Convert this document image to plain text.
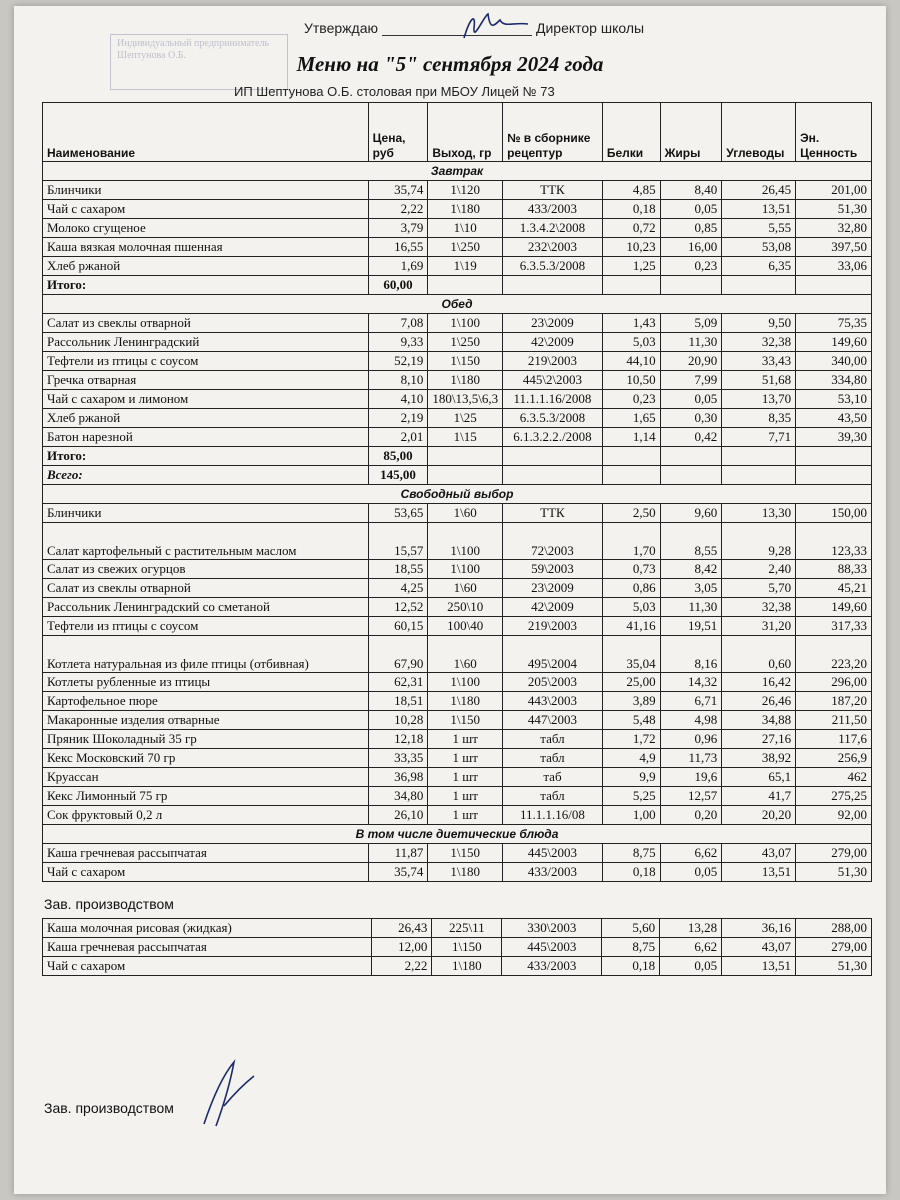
Утверждаю	Директор школы
Индивидуальный предприниматель
Шептунова О.Б.	Меню на "5" сентября 2024 года
ИП Шептунова О.Б. столовая при МБОУ Лицей № 73
Наименование	Цена, руб	Выход, гр	№ в сборнике рецептур	Белки	Жиры	Углеводы	Эн. Ценность
Завтрак							
Блинчики	35,74	1\120	ТТК	4,85	8,40	26,45	201,00
Чай с сахаром	2,22	1\180	433/2003	0,18	0,05	13,51	51,30
Молоко сгущеное	3,79	1\10	1.3.4.2\2008	0,72	0,85	5,55	32,80
Каша вязкая молочная пшенная	16,55	1\250	232\2003	10,23	16,00	53,08	397,50
Хлеб ржаной	1,69	1\19	6.3.5.3/2008	1,25	0,23	6,35	33,06
Итого:	60,00						
Обед							
Салат из свеклы отварной	7,08	1\100	23\2009	1,43	5,09	9,50	75,35
Рассольник Ленинградский	9,33	1\250	42\2009	5,03	11,30	32,38	149,60
Тефтели из птицы с соусом	52,19	1\150	219\2003	44,10	20,90	33,43	340,00
Гречка отварная	8,10	1\180	445\2\2003	10,50	7,99	51,68	334,80
Чай с сахаром и лимоном	4,10	180\13,5\6,3	11.1.1.16/2008	0,23	0,05	13,70	53,10
Хлеб ржаной	2,19	1\25	6.3.5.3/2008	1,65	0,30	8,35	43,50
Батон нарезной	2,01	1\15	6.1.3.2.2./2008	1,14	0,42	7,71	39,30
Итого:	85,00						
Всего:	145,00						
Свободный выбор							
Блинчики	53,65	1\60	ТТК	2,50	9,60	13,30	150,00
Салат картофельный с растительным маслом	15,57	1\100	72\2003	1,70	8,55	9,28	123,33
Салат из свежих огурцов	18,55	1\100	59\2003	0,73	8,42	2,40	88,33
Салат из свеклы отварной	4,25	1\60	23\2009	0,86	3,05	5,70	45,21
Рассольник Ленинградский со сметаной	12,52	250\10	42\2009	5,03	11,30	32,38	149,60
Тефтели из птицы с соусом	60,15	100\40	219\2003	41,16	19,51	31,20	317,33
Котлета натуральная из филе птицы (отбивная)	67,90	1\60	495\2004	35,04	8,16	0,60	223,20
Котлеты рубленные из птицы	62,31	1\100	205\2003	25,00	14,32	16,42	296,00
Картофельное пюре	18,51	1\180	443\2003	3,89	6,71	26,46	187,20
Макаронные изделия отварные	10,28	1\150	447\2003	5,48	4,98	34,88	211,50
Пряник Шоколадный 35 гр	12,18	1 шт	табл	1,72	0,96	27,16	117,6
Кекс Московский 70 гр	33,35	1 шт	табл	4,9	11,73	38,92	256,9
Круассан	36,98	1 шт	таб	9,9	19,6	65,1	462
Кекс Лимонный 75 гр	34,80	1 шт	табл	5,25	12,57	41,7	275,25
Сок фруктовый 0,2 л	26,10	1 шт	11.1.1.16/08	1,00	0,20	20,20	92,00
В том числе диетические блюда							
Каша гречневая рассыпчатая	11,87	1\150	445\2003	8,75	6,62	43,07	279,00
Чай с сахаром	35,74	1\180	433/2003	0,18	0,05	13,51	51,30
Зав. производством
Каша молочная рисовая (жидкая)	26,43	225\11	330\2003	5,60	13,28	36,16	288,00
Каша гречневая рассыпчатая	12,00	1\150	445\2003	8,75	6,62	43,07	279,00
Чай с сахаром	2,22	1\180	433/2003	0,18	0,05	13,51	51,30
Зав. производством
